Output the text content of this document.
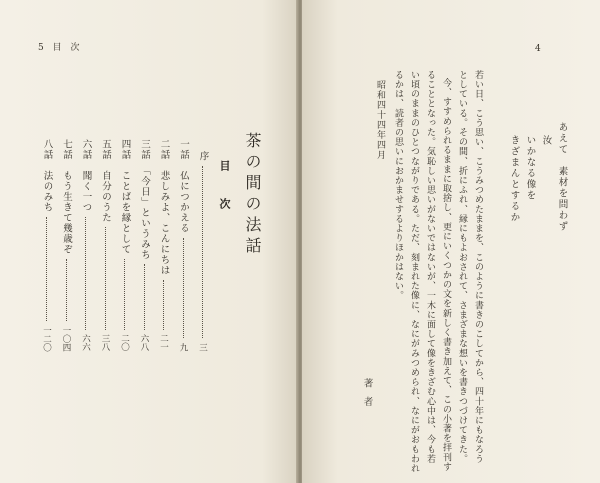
5 目 次
茶の間の法話
目 次
序
三
一話　仏につかえる
九
二話　悲しみよ、こんにちは
二一
三話　「今日」というみち
六八
四話　ことばを縁として
二〇
五話　自分のうた
三八
六話　聞く一つ
六六
七話　もう生きて幾歳ぞ
一〇四
八話　法のみち
一二〇
4
あえて　素材を問わず
汝
いかなる像を
きざまんとするか
若い日、こう思い、こうみつめたままを、このように書きのこしてから、四十年にもなろう
としている。その間、折にふれ、縁にもよおされて、さまざまな想いを書きつづけてきた。
今、すすめられるままに取捨し、更にいくつかの文を新しく書き加えて、この小著を拝刊す
ることとなった。気恥しい思いがないではないが、一木に面して像をきざむ心中は、今も若
い頃のままのひとつながりである。ただ、刻まれた像に、なにがみつめられ、なにがおもわれ
るかは、読者の思いにおかませするよりほかはない。
昭和四十四年四月
著者
